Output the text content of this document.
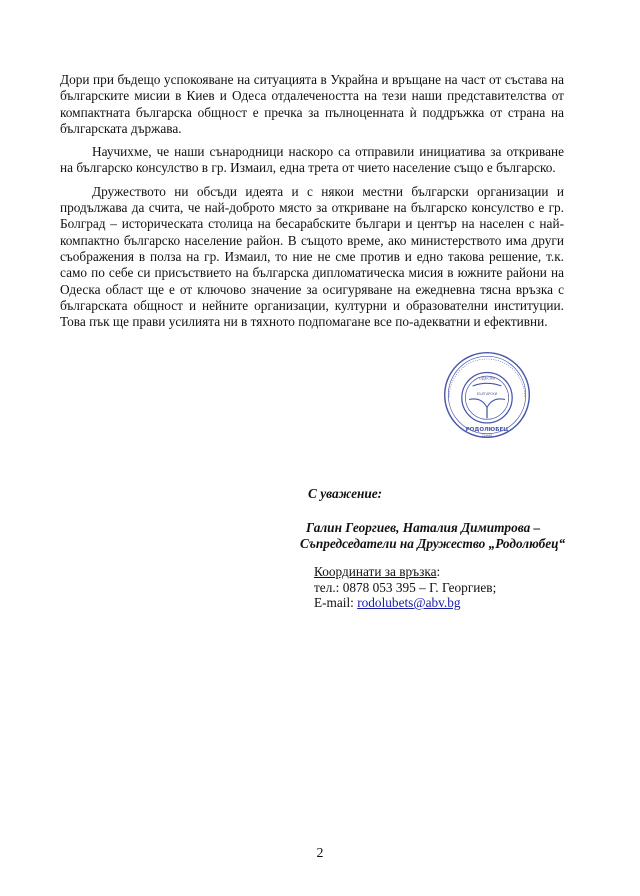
Дори при бъдещо успокояване на ситуацията в Украйна и връщане на част от състава на българските мисии в Киев и Одеса отдалечеността на тези наши представителства от компактната българска общност е пречка за пълноценната ѝ поддръжка от страна на българската държава.

Научихме, че наши сънародници наскоро са отправили инициатива за откриване на българско консулство в гр. Измаил, една трета от чието население също е българско.

Дружеството ни обсъди идеята и с някои местни български организации и продължава да счита, че най-доброто място за откриване на българско консулство е гр. Болград – историческата столица на бесарабските българи и център на населен с най-компактно българско население район. В същото време, ако министерството има други съображения в полза на гр. Измаил, то ние не сме против и едно такова решение, т.к. само по себе си присъствието на българска дипломатическа мисия в южните райони на Одеска област ще е от ключово значение за осигуряване на ежедневна тясна връзка с българската общност и нейните организации, културни и образователни институции. Това пък ще прави усилията ни в тяхното подпомагане все по-адекватни и ефективни.

ОДЕСКИ
БЪЛГАРСКИ
РОДОЛЮБЕЦ
СОФИЯ
С уважение:
Галин Георгиев, Наталия Димитрова –
Съпредседатели на Дружество „Родолюбец“
Координати за връзка:
тел.: 0878 053 395 – Г. Георгиев;
E-mail: rodolubets@abv.bg
2
